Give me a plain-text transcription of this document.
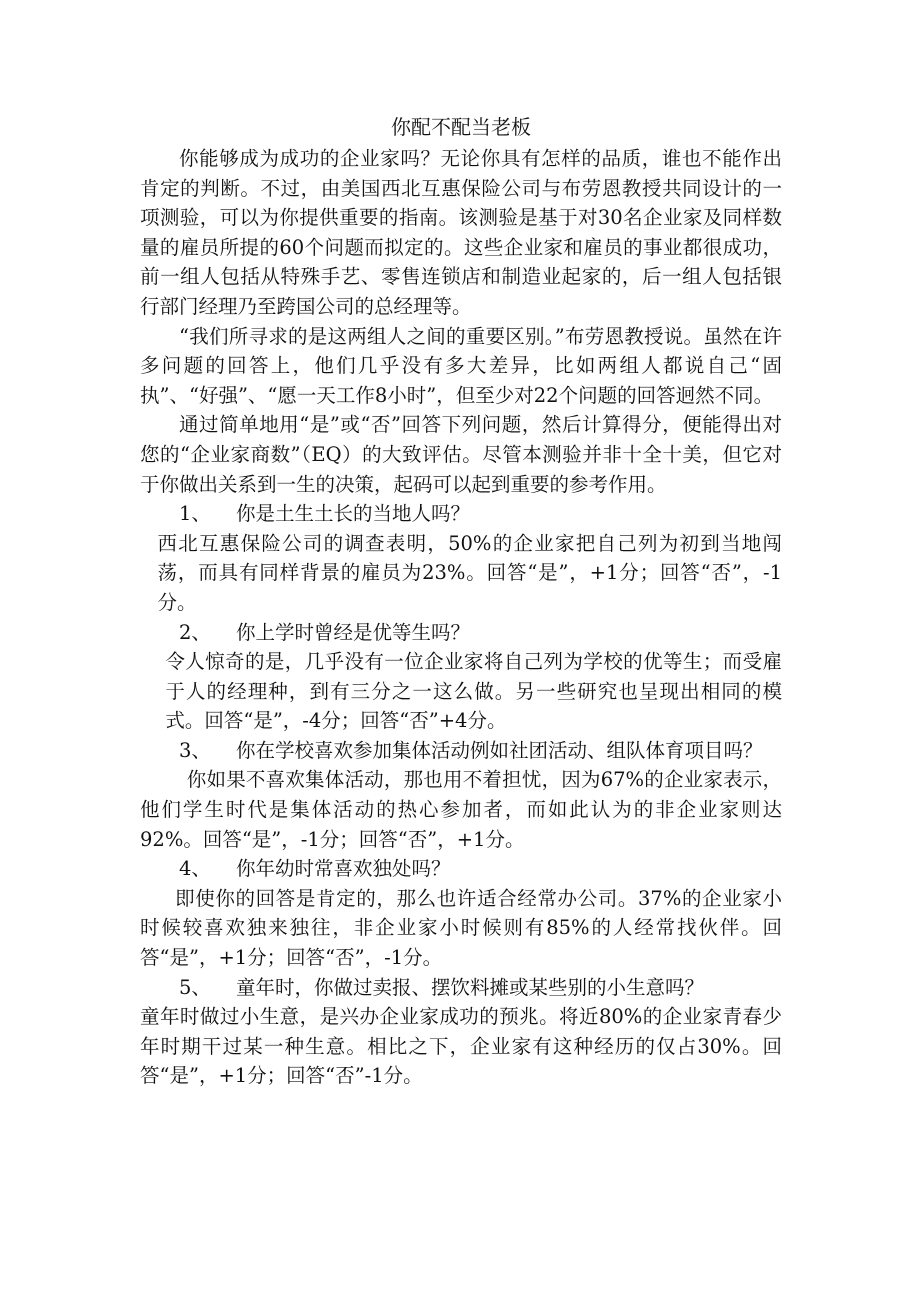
你配不配当老板

你能够成为成功的企业家吗？无论你具有怎样的品质，谁也不能作出肯定的判断。不过，由美国西北互惠保险公司与布劳恩教授共同设计的一项测验，可以为你提供重要的指南。该测验是基于对30名企业家及同样数量的雇员所提的60个问题而拟定的。这些企业家和雇员的事业都很成功，前一组人包括从特殊手艺、零售连锁店和制造业起家的，后一组人包括银行部门经理乃至跨国公司的总经理等。

“我们所寻求的是这两组人之间的重要区别。”布劳恩教授说。虽然在许多问题的回答上，他们几乎没有多大差异，比如两组人都说自己“固执”、“好强”、“愿一天工作8小时”，但至少对22个问题的回答迥然不同。

通过简单地用“是”或“否”回答下列问题，然后计算得分，便能得出对您的“企业家商数”（EQ）的大致评估。尽管本测验并非十全十美，但它对于你做出关系到一生的决策，起码可以起到重要的参考作用。

1、	你是土生土长的当地人吗？

西北互惠保险公司的调查表明，50%的企业家把自己列为初到当地闯荡，而具有同样背景的雇员为23%。回答“是”，+1分；回答“否”，-1分。

2、	你上学时曾经是优等生吗？

令人惊奇的是，几乎没有一位企业家将自己列为学校的优等生；而受雇于人的经理种，到有三分之一这么做。另一些研究也呈现出相同的模式。回答“是”，-4分；回答“否”+4分。

3、	你在学校喜欢参加集体活动例如社团活动、组队体育项目吗？

你如果不喜欢集体活动，那也用不着担忧，因为67%的企业家表示，他们学生时代是集体活动的热心参加者，而如此认为的非企业家则达92%。回答“是”，-1分；回答“否”，+1分。

4、	你年幼时常喜欢独处吗？

即使你的回答是肯定的，那么也许适合经常办公司。37%的企业家小时候较喜欢独来独往，非企业家小时候则有85%的人经常找伙伴。回答“是”，+1分；回答“否”，-1分。

5、	童年时，你做过卖报、摆饮料摊或某些别的小生意吗？

童年时做过小生意，是兴办企业家成功的预兆。将近80%的企业家青春少年时期干过某一种生意。相比之下，企业家有这种经历的仅占30%。回答“是”，+1分；回答“否”-1分。
